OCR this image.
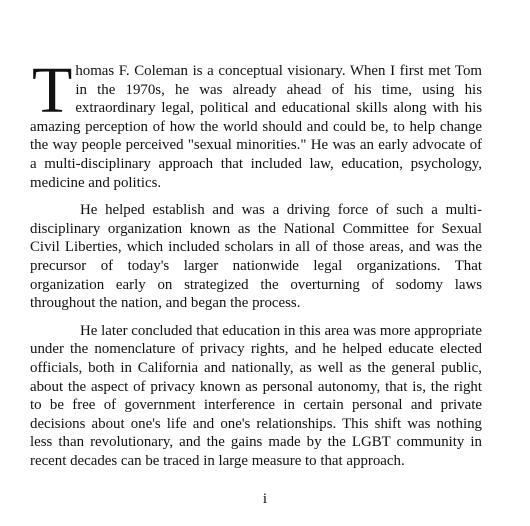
Thomas F. Coleman is a conceptual visionary. When I first met Tom in the 1970s, he was already ahead of his time, using his extraordinary legal, political and educational skills along with his amazing perception of how the world should and could be, to help change the way people perceived "sexual minorities." He was an early advocate of a multi-disciplinary approach that included law, education, psychology, medicine and politics.

He helped establish and was a driving force of such a multi-disciplinary organization known as the National Committee for Sexual Civil Liberties, which included scholars in all of those areas, and was the precursor of today's larger nationwide legal organizations. That organization early on strategized the overturning of sodomy laws throughout the nation, and began the process.

He later concluded that education in this area was more appropriate under the nomenclature of privacy rights, and he helped educate elected officials, both in California and nationally, as well as the general public, about the aspect of privacy known as personal autonomy, that is, the right to be free of government interference in certain personal and private decisions about one's life and one's relationships. This shift was nothing less than revolutionary, and the gains made by the LGBT community in recent decades can be traced in large measure to that approach.

i
